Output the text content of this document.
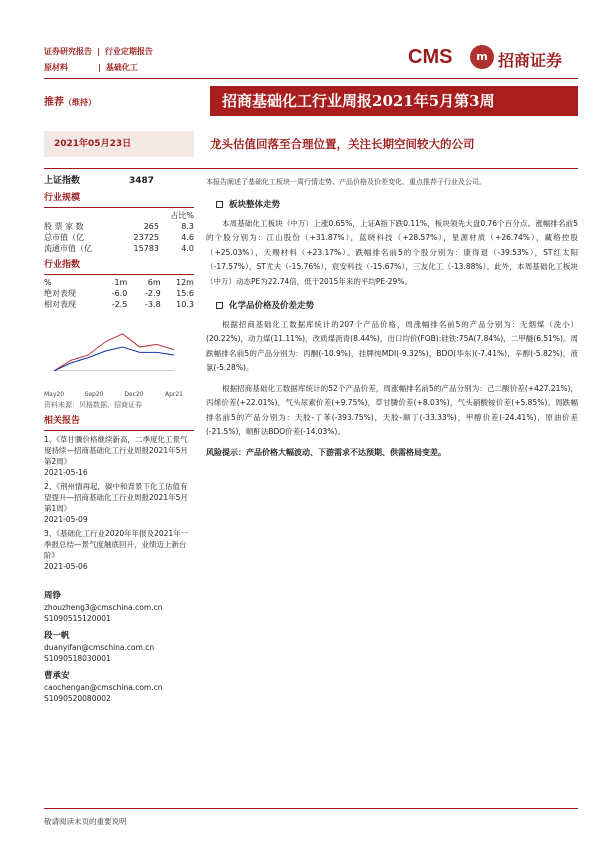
证券研究报告 | 行业定期报告
原材料	| 基础化工	CMS	m 招商证券
推荐（维持）	招商基础化工行业周报2021年5月第3周
2021年05月23日	龙头估值回落至合理位置，关注长期空间较大的公司
上证指数	3487
行业规模
占比%
股 票 家 数	265	8.3
总市值（亿	23725	4.6
流通市值（亿	15783	4.0
行业指数
%	1m	6m	12m
绝对表现	-6.0	-2.9	15.6
相对表现	-2.5	-3.8	10.3
May20	Sep20	Dec20	Apr21
资料来源：贝格数据、招商证券
相关报告
1、《草甘膦价格继续新高，二季度化工景气度持续—招商基础化工行业周报2021年5月第2周》
2021-05-16
2、《荆州情再起，碳中和背景下化工估值有望提升—招商基础化工行业周报2021年5月第1周》
2021-05-09
3、《基础化工行业2020年年报及2021年一季报总结—景气度触底回升，业绩迈上新台阶》
2021-05-06
周铮
zhouzheng3@cmschina.com.cn
S1090515120001
段一帆
duanyifan@cmschina.com.cn
S1090518030001
曹承安
caochengan@cmschina.com.cn
S1090520080002
本报告阐述了基础化工板块一周行情走势、产品价格及价差变化、重点推荐子行业及公司。
板块整体走势
本周基础化工板块（中万）上涨0.65%，上证A指下跌0.11%，板块领先大盘0.76个百分点。涨幅排名前5的个股分别为：江山股份（+31.87%），蓝晓科技（+28.57%），星源材质（+26.74%），藏格控股（+25.03%），天赐材料（+23.17%）。跌幅排名前5的个股分别为：康得退（-39.53%），ST红太阳（-17.57%），ST尤夫（-15.76%），宸安科技（-15.67%），三友化工（-13.88%）。此外，本周基础化工板块（中万）动态PE为22.74倍，低于2015年来的平均PE-29%。
化学品价格及价差走势
根据招商基础化工数据库统计的207个产品价格，周涨幅排名前5的产品分别为：无烟煤（洗小）(20.22%)，动力煤(11.11%)，改质煤沥青(8.44%)，出口均价(FOB):硅铁:75A(7.84%)，二甲醚(6.51%)。周跌幅排名前5的产品分别为：丙酮(-10.9%)，挂牌纯MDI(-9.32%)，BDO(华东)(-7.41%)，辛醇(-5.82%)，液氯(-5.28%)。
根据招商基础化工数据库统计的52个产品价差，周涨幅排名前5的产品分别为：己二酸价差(+427.21%)，丙烯价差(+22.01%)，气头尿素价差(+9.75%)，草甘膦价差(+8.03%)，气头硝酸铵价差(+5.85%)。周跌幅排名前5的产品分别为：天胶-丁苯(-393.75%)，天胶-顺丁(-33.33%)，甲醇价差(-24.41%)，原油价差(-21.5%)，顺酐法BDO价差(-14.03%)。
风险提示：产品价格大幅波动、下游需求不达预期、供需格局变差。
敬请阅读末页的重要说明
